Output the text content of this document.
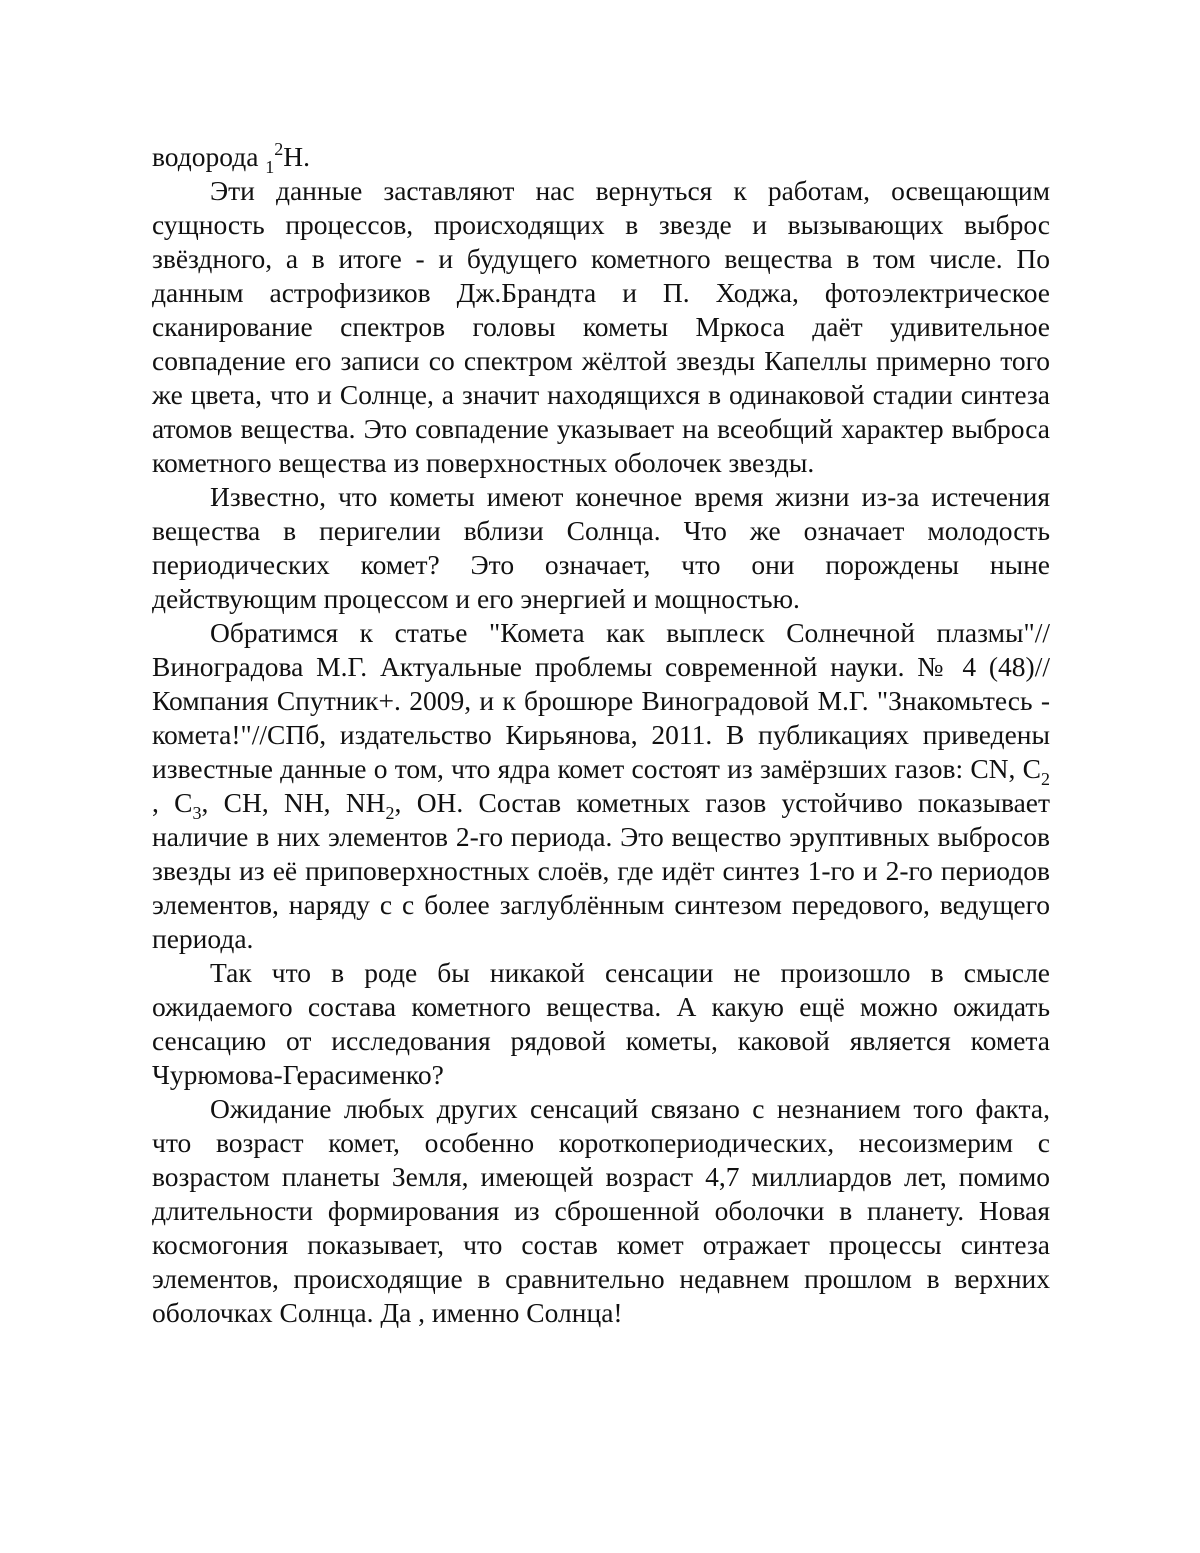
водорода $_1^2$H.

Эти данные заставляют нас вернуться к работам, освещающим сущность процессов, происходящих в звезде и вызывающих выброс звёздного, а в итоге - и будущего кометного вещества в том числе. По данным астрофизиков Дж.Брандта и П. Ходжа, фотоэлектрическое сканирование спектров головы кометы Мркоса даёт удивительное совпадение его записи со спектром жёлтой звезды Капеллы примерно того же цвета, что и Солнце, а значит находящихся в одинаковой стадии синтеза атомов вещества. Это совпадение указывает на всеобщий характер выброса кометного вещества из поверхностных оболочек звезды.

Известно, что кометы имеют конечное время жизни из-за истечения вещества в перигелии вблизи Солнца. Что же означает молодость периодических комет? Это означает, что они порождены ныне действующим процессом и его энергией и мощностью.

Обратимся к статье "Комета как выплеск Солнечной плазмы"// Виноградова М.Г. Актуальные проблемы современной науки. № 4 (48)// Компания Спутник+. 2009, и к брошюре Виноградовой М.Г. "Знакомьтесь - комета!"//СПб, издательство Кирьянова, 2011. В публикациях приведены известные данные о том, что ядра комет состоят из замёрзших газов: CN, $C_2$ , $C_3$, CH, NH, $NH_2$, OH. Состав кометных газов устойчиво показывает наличие в них элементов 2-го периода. Это вещество эруптивных выбросов звезды из её приповерхностных слоёв, где идёт синтез 1-го и 2-го периодов элементов, наряду с с более заглублённым синтезом передового, ведущего периода.

Так что в роде бы никакой сенсации не произошло в смысле ожидаемого состава кометного вещества. А какую ещё можно ожидать сенсацию от исследования рядовой кометы, каковой является комета Чурюмова-Герасименко?

Ожидание любых других сенсаций связано с незнанием того факта, что возраст комет, особенно короткопериодических, несоизмерим с возрастом планеты Земля, имеющей возраст 4,7 миллиардов лет, помимо длительности формирования из сброшенной оболочки в планету. Новая космогония показывает, что состав комет отражает процессы синтеза элементов, происходящие в сравнительно недавнем прошлом в верхних оболочках Солнца. Да , именно Солнца!
